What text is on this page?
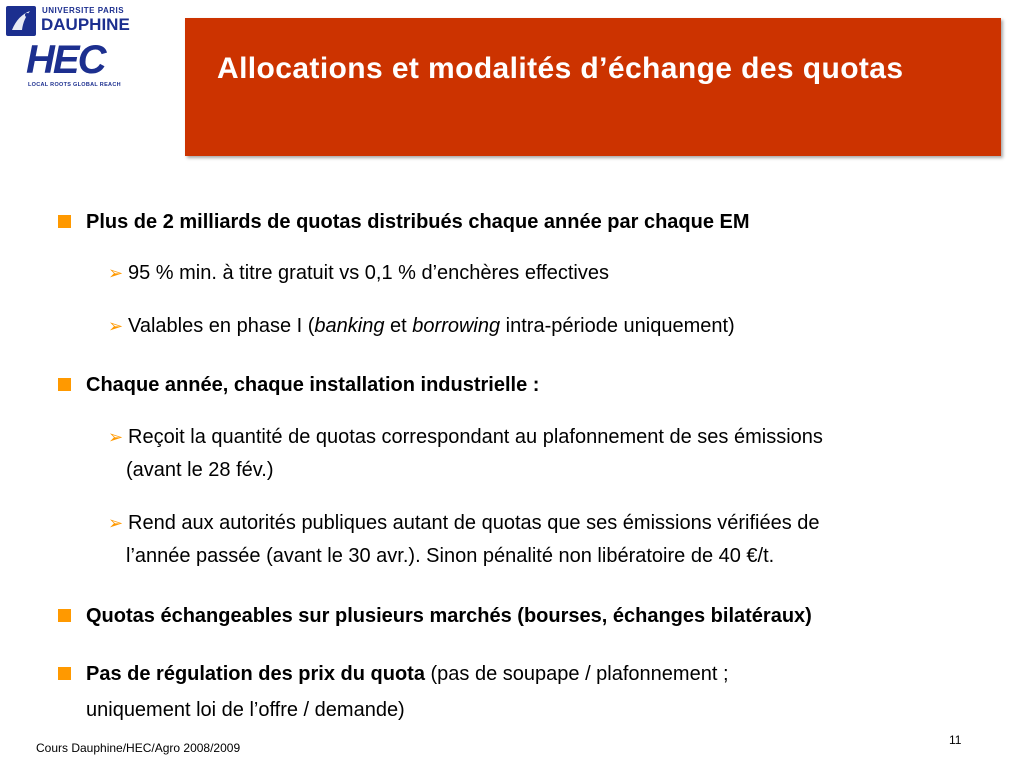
UNIVERSITE PARIS
DAUPHINE
HEC
LOCAL ROOTS GLOBAL REACH	Allocations et modalités d’échange des quotas
Plus de 2 milliards de quotas distribués chaque année par chaque EM
➢ 95 % min. à titre gratuit vs 0,1 % d’enchères effectives
➢ Valables en phase I (banking et borrowing intra-période uniquement)
Chaque année, chaque installation industrielle :
➢ Reçoit la quantité de quotas correspondant au plafonnement de ses émissions
(avant le 28 fév.)
➢ Rend aux autorités publiques autant de quotas que ses émissions vérifiées de
l’année passée (avant le 30 avr.). Sinon pénalité non libératoire de 40 €/t.
Quotas échangeables sur plusieurs marchés (bourses, échanges bilatéraux)
Pas de régulation des prix du quota (pas de soupape / plafonnement ;
uniquement loi de l’offre / demande)
Cours Dauphine/HEC/Agro 2008/2009
11
